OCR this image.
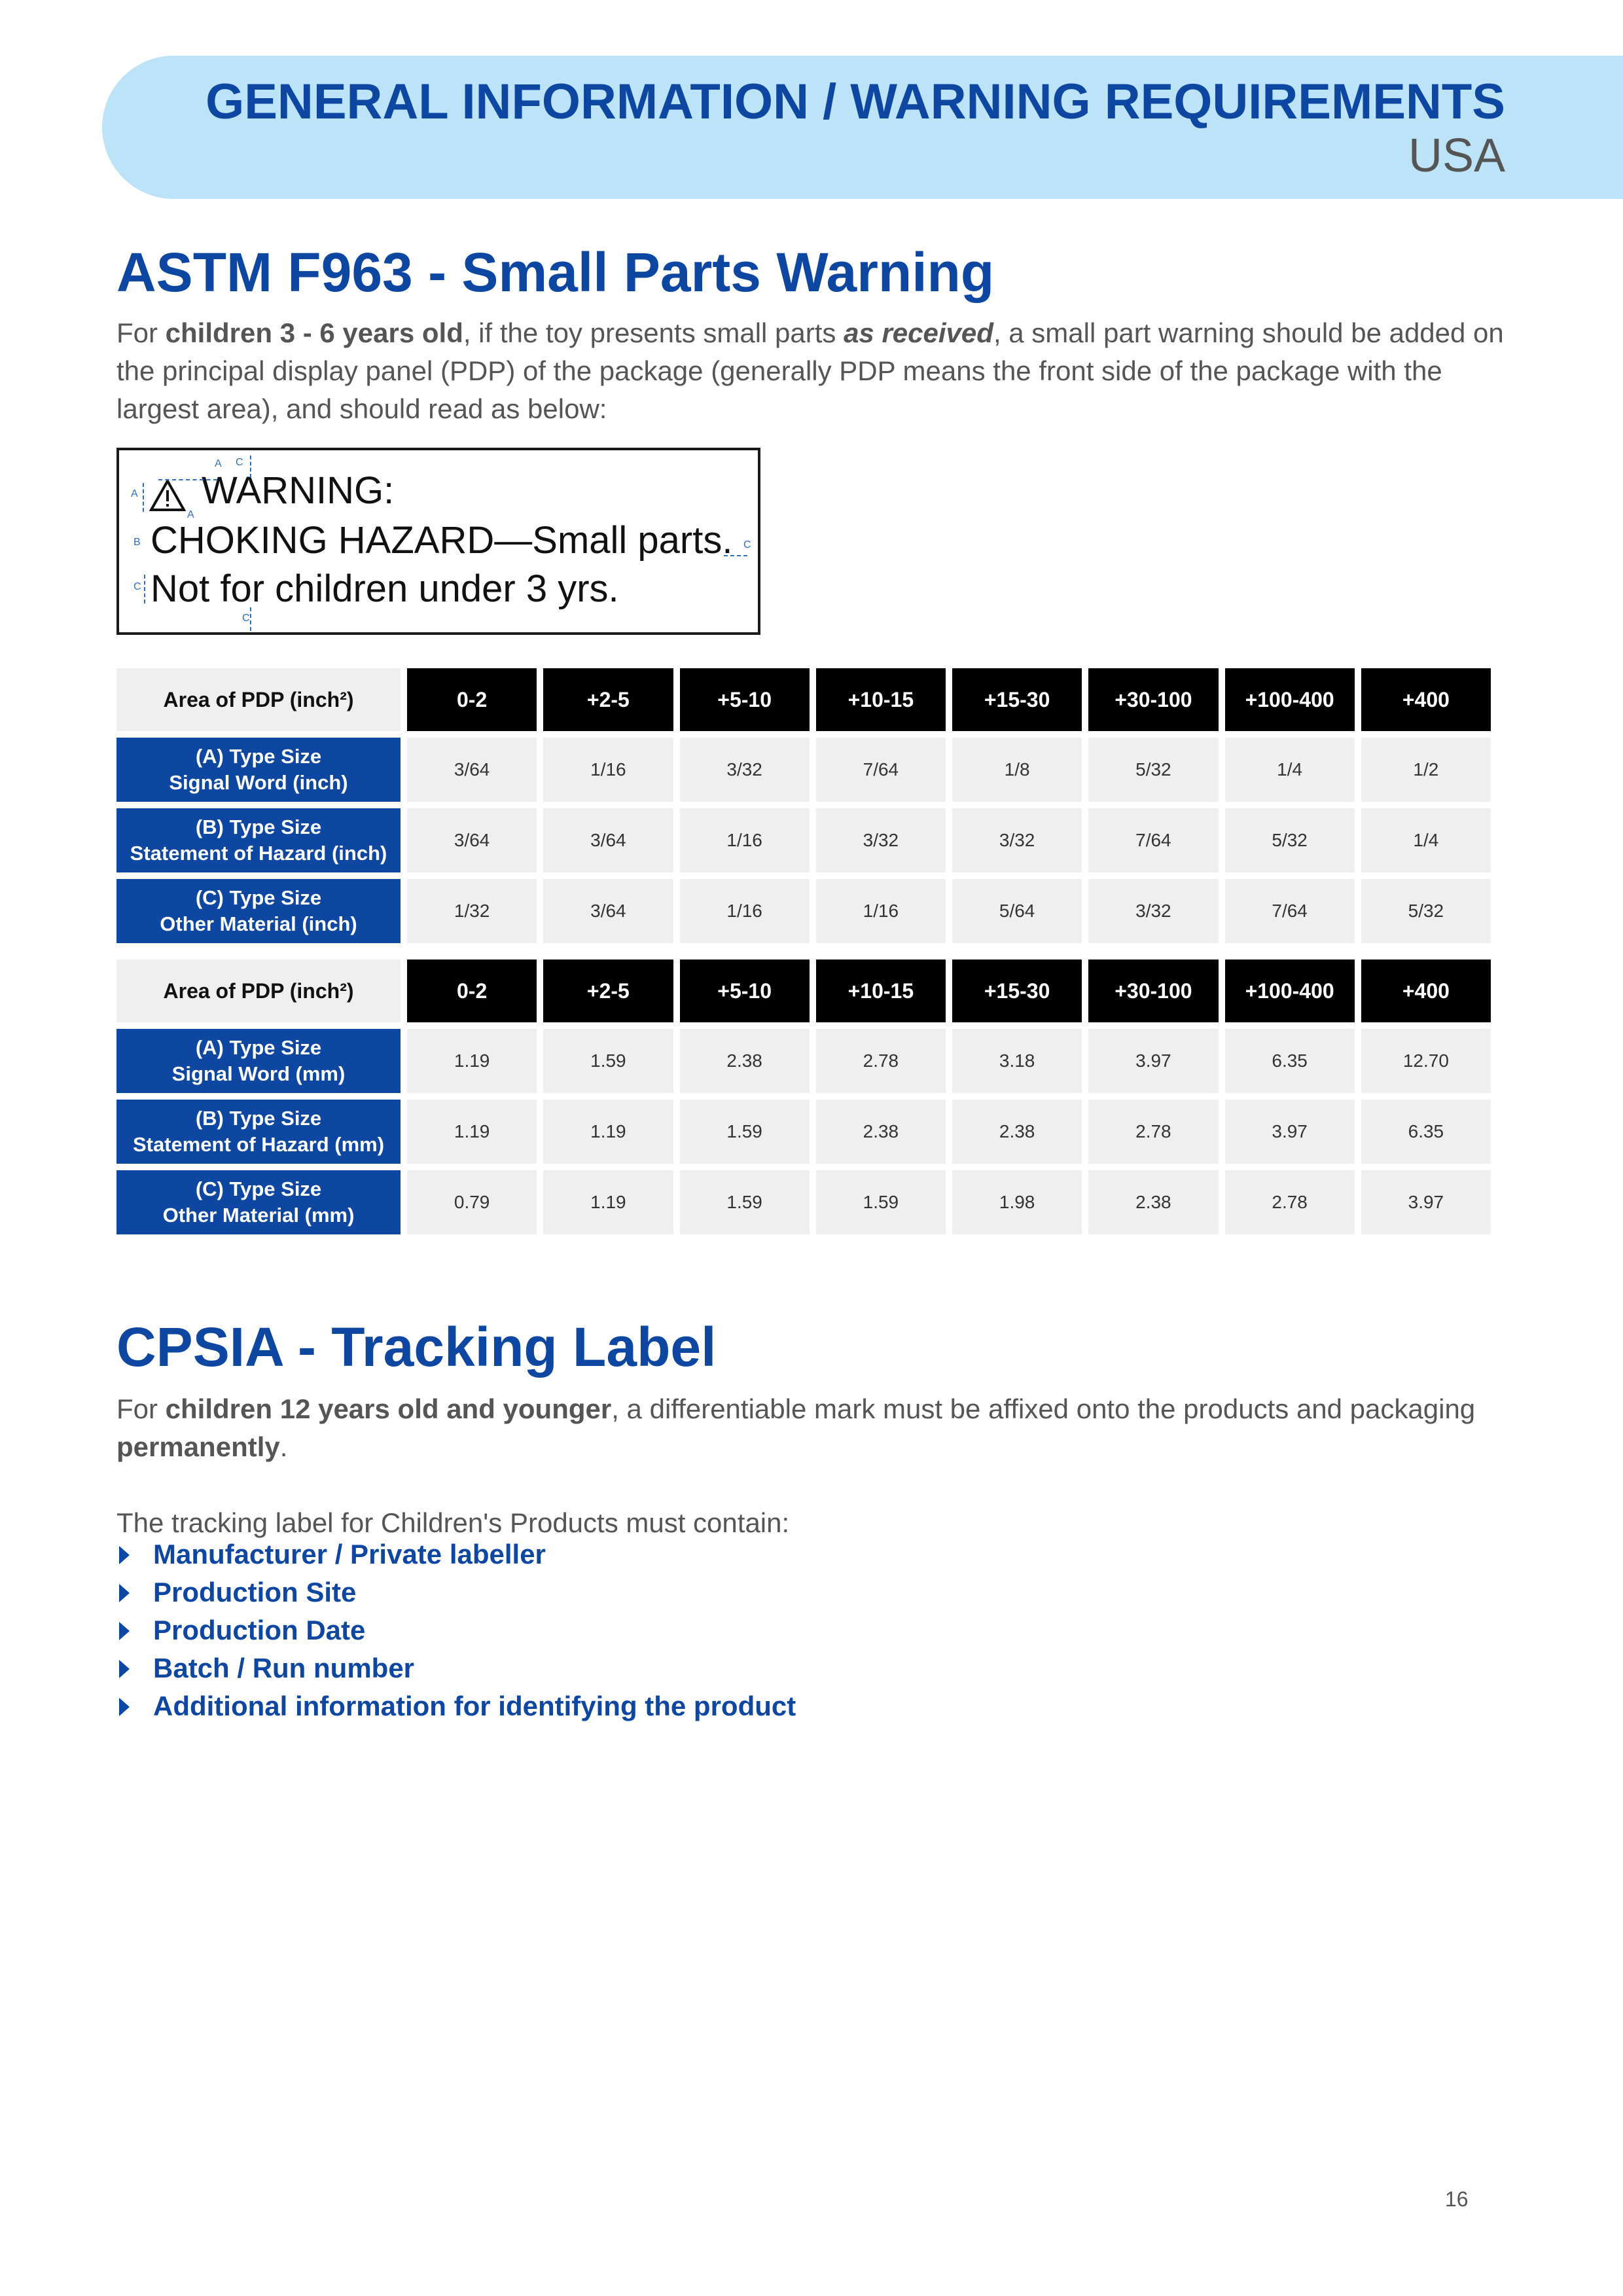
GENERAL INFORMATION / WARNING REQUIREMENTS
USA
ASTM F963 - Small Parts Warning

For children 3 - 6 years old, if the toy presents small parts as received, a small part warning should be added on the principal display panel (PDP) of the package (generally PDP means the front side of the package with the largest area), and should read as below:

WARNING:
CHOKING HAZARD—Small parts.
Not for children under 3 yrs.
A C
A
A
B	C
C
C
Area of PDP (inch²)	0-2	+2-5	+5-10	+10-15	+15-30	+30-100	+100-400	+400
(A) Type Size
Signal Word (inch)	3/64	1/16	3/32	7/64	1/8	5/32	1/4	1/2
(B) Type Size
Statement of Hazard (inch)	3/64	3/64	1/16	3/32	3/32	7/64	5/32	1/4
(C) Type Size
Other Material (inch)	1/32	3/64	1/16	1/16	5/64	3/32	7/64	5/32
Area of PDP (inch²)	0-2	+2-5	+5-10	+10-15	+15-30	+30-100	+100-400	+400
(A) Type Size
Signal Word (mm)	1.19	1.59	2.38	2.78	3.18	3.97	6.35	12.70
(B) Type Size
Statement of Hazard (mm)	1.19	1.19	1.59	2.38	2.38	2.78	3.97	6.35
(C) Type Size
Other Material (mm)	0.79	1.19	1.59	1.59	1.98	2.38	2.78	3.97
CPSIA - Tracking Label

For children 12 years old and younger, a differentiable mark must be affixed onto the products and packaging permanently.

The tracking label for Children's Products must contain:

Manufacturer / Private labeller
Production Site
Production Date
Batch / Run number
Additional information for identifying the product
16
